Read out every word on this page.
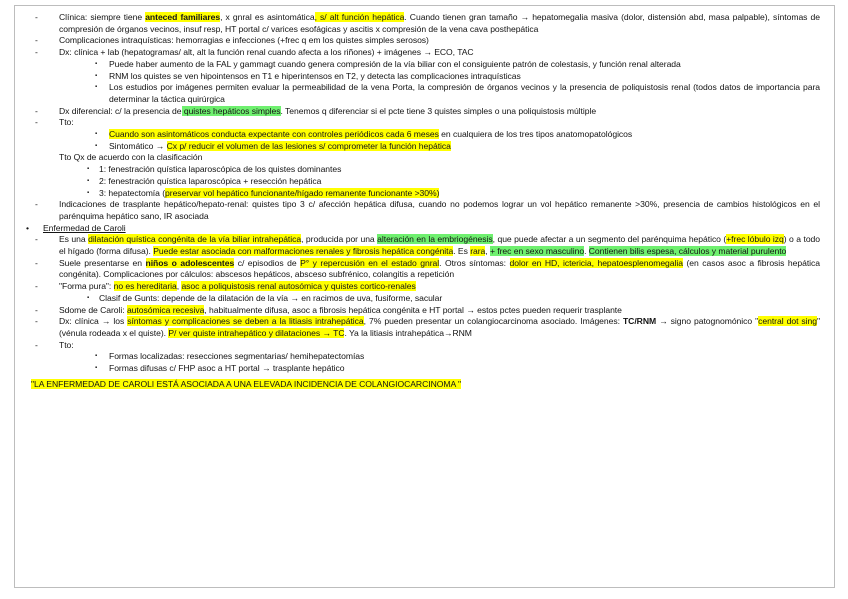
- Clínica: siempre tiene anteced familiares, x gnral es asintomática, s/ alt función hepática. Cuando tienen gran tamaño → hepatomegalia masiva (dolor, distensión abd, masa palpable), síntomas de compresión de órganos vecinos, insuf resp, HT portal c/ varices esofágicas y ascitis x compresión de la vena cava posthepática

- Complicaciones intraquísticas: hemorragias e infecciones (+frec q em los quistes simples serosos)

- Dx: clínica + lab (hepatogramas/ alt, alt la función renal cuando afecta a los riñones) + imágenes → ECO, TAC

▪ Puede haber aumento de la FAL y gammagt cuando genera compresión de la vía biliar con el consiguiente patrón de colestasis, y función renal alterada

▪ RNM los quistes se ven hipointensos en T1 e hiperintensos en T2, y detecta las complicaciones intraquísticas

▪ Los estudios por imágenes permiten evaluar la permeabilidad de la vena Porta, la compresión de órganos vecinos y la presencia de poliquistosis renal (todos datos de importancia para determinar la táctica quirúrgica

- Dx diferencial: c/ la presencia de quistes hepáticos simples. Tenemos q diferenciar si el pcte tiene 3 quistes simples o una poliquistosis múltiple

- Tto:

▪ Cuando son asintomáticos conducta expectante con controles periódicos cada 6 meses en cualquiera de los tres tipos anatomopatológicos

▪ Sintomático → Cx p/ reducir el volumen de las lesiones s/ comprometer la función hepática

Tto Qx de acuerdo con la clasificación

▪ 1: fenestración quística laparoscópica de los quistes dominantes

▪ 2: fenestración quística laparoscópica + resección hepática

▪ 3: hepatectomía (preservar vol hepático funcionante/hígado remanente funcionante >30%)

- Indicaciones de trasplante hepático/hepato-renal: quistes tipo 3 c/ afección hepática difusa, cuando no podemos lograr un vol hepático remanente >30%, presencia de cambios histológicos en el parénquima hepático sano, IR asociada

• Enfermedad de Caroli

- Es una dilatación quística congénita de la vía biliar intrahepática, producida por una alteración en la embriogénesis, que puede afectar a un segmento del parénquima hepático (+frec lóbulo izq) o a todo el hígado (forma difusa). Puede estar asociada con malformaciones renales y fibrosis hepática congénita. Es rara, + frec en sexo masculino. Contienen bilis espesa, cálculos y material purulento

- Suele presentarse en niños o adolescentes c/ episodios de P° y repercusión en el estado gnral. Otros síntomas: dolor en HD, ictericia, hepatoesplenomegalia (en casos asoc a fibrosis hepática congénita). Complicaciones por cálculos: abscesos hepáticos, absceso subfrénico, colangitis a repetición

- "Forma pura": no es hereditaria, asoc a poliquistosis renal autosómica y quistes cortico-renales

▪ Clasif de Gunts: depende de la dilatación de la vía → en racimos de uva, fusiforme, sacular

- Sdome de Caroli: autosómica recesiva, habitualmente difusa, asoc a fibrosis hepática congénita e HT portal → estos pctes pueden requerir trasplante

- Dx: clínica → los síntomas y complicaciones se deben a la litiasis intrahepática, 7% pueden presentar un colangiocarcinoma asociado. Imágenes: TC/RNM → signo patognomónico "central dot sing" (vénula rodeada x el quiste). P/ ver quiste intrahepático y dilataciones → TC. Ya la litiasis intrahepática→RNM

- Tto:

▪ Formas localizadas: resecciones segmentarias/ hemihepatectomías

▪ Formas difusas c/ FHP asoc a HT portal → trasplante hepático

"LA ENFERMEDAD DE CAROLI ESTÁ ASOCIADA A UNA ELEVADA INCIDENCIA DE COLANGIOCARCINOMA "
